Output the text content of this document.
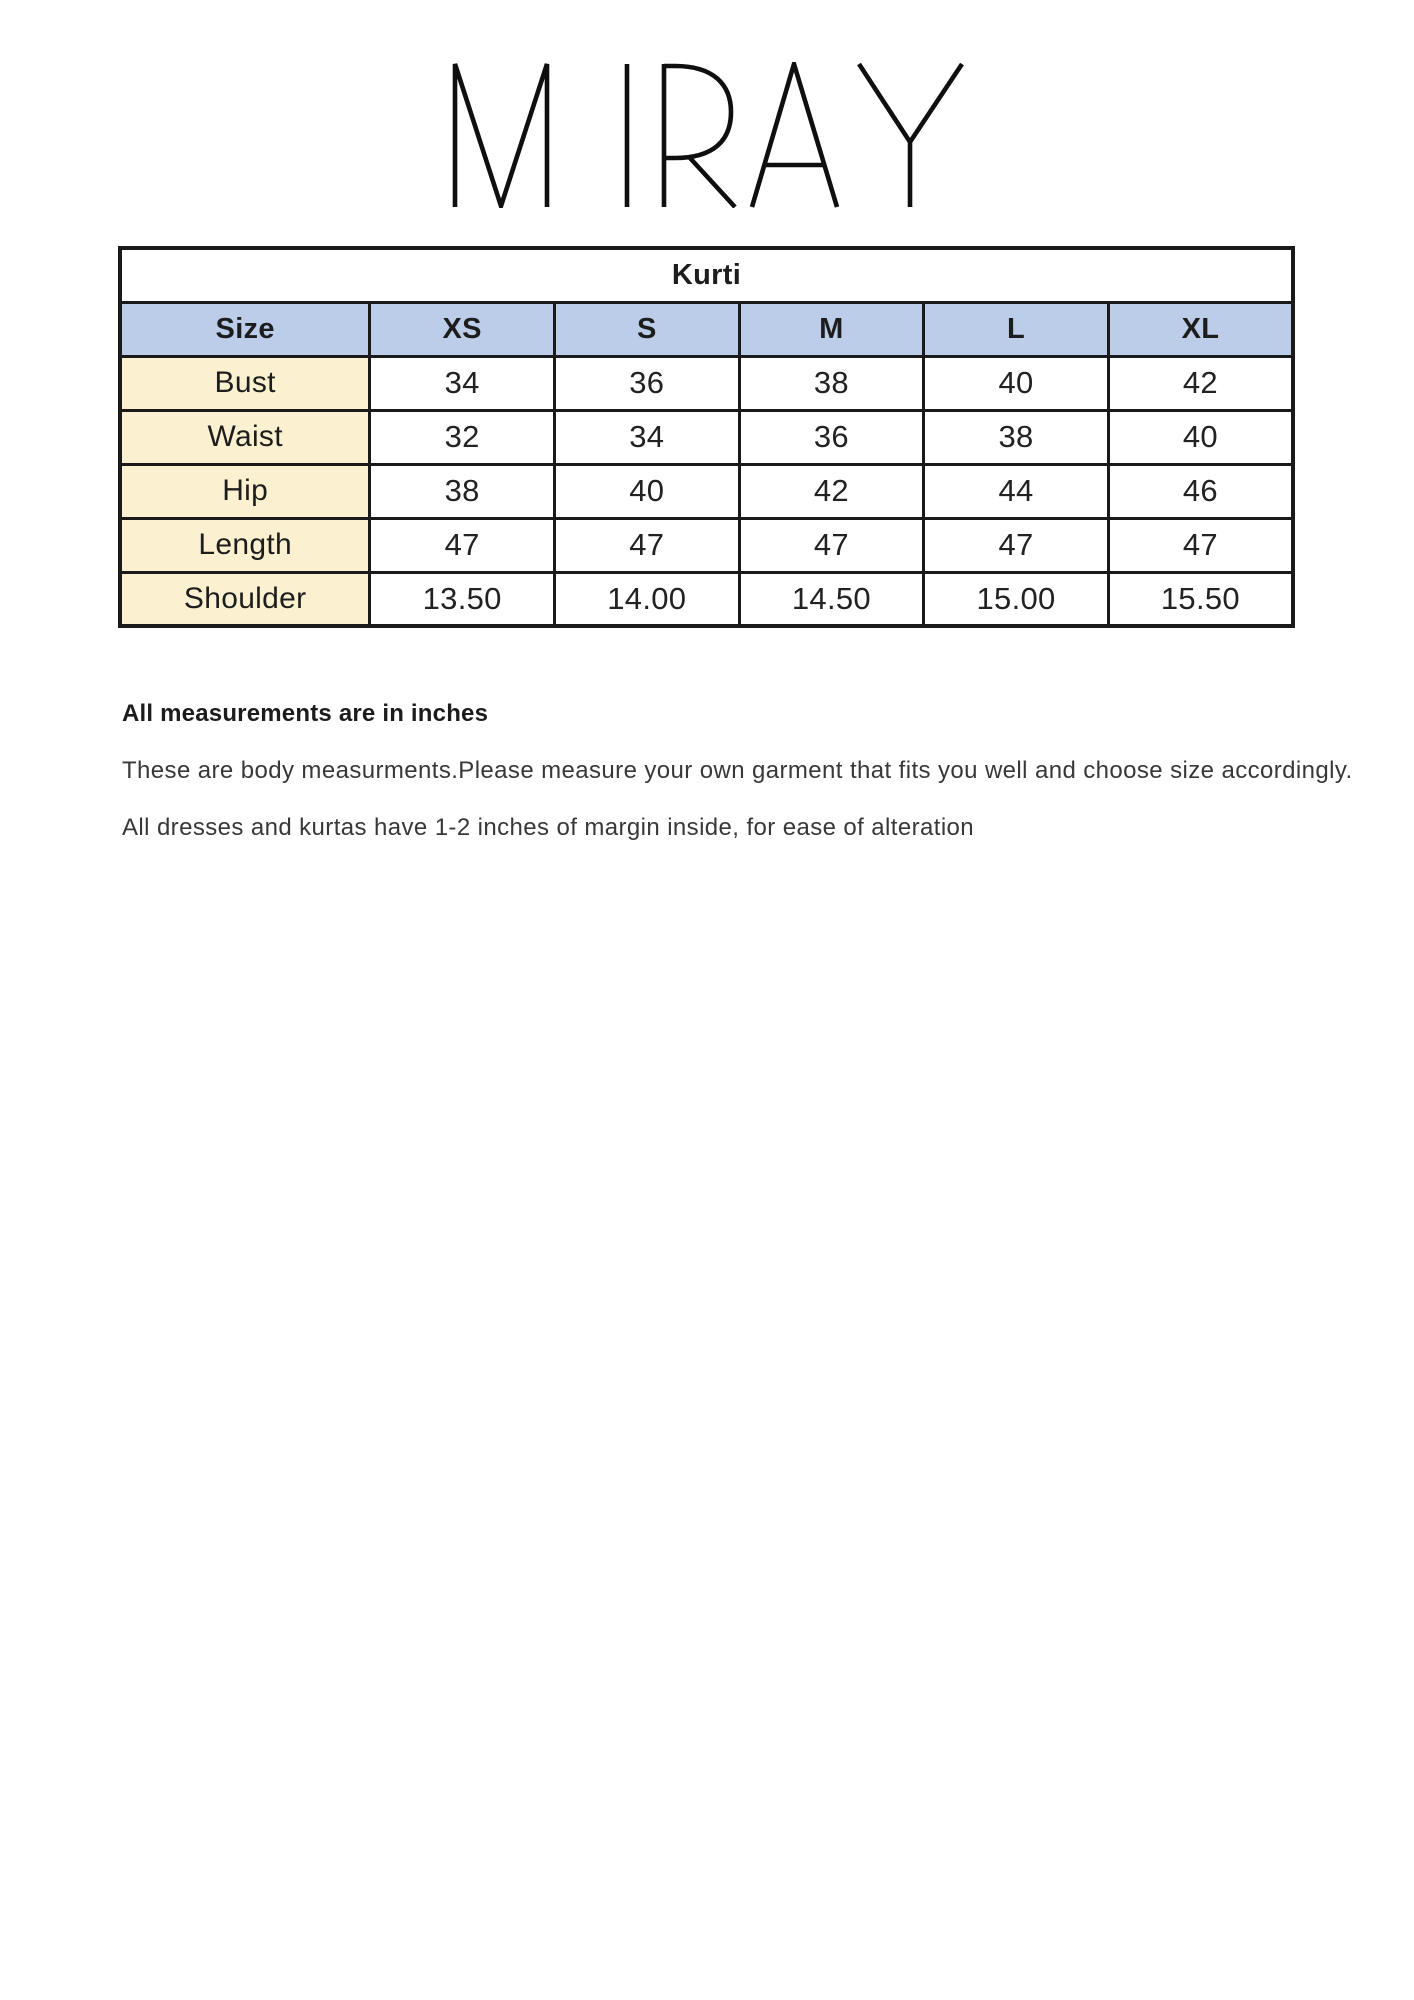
Kurti					
Size	XS	S	M	L	XL
Bust	34	36	38	40	42
Waist	32	34	36	38	40
Hip	38	40	42	44	46
Length	47	47	47	47	47
Shoulder	13.50	14.00	14.50	15.00	15.50
All measurements are in inches

These are body measurments.Please measure your own garment that fits you well and choose size accordingly.

All dresses and kurtas have 1-2 inches of margin inside, for ease of alteration
